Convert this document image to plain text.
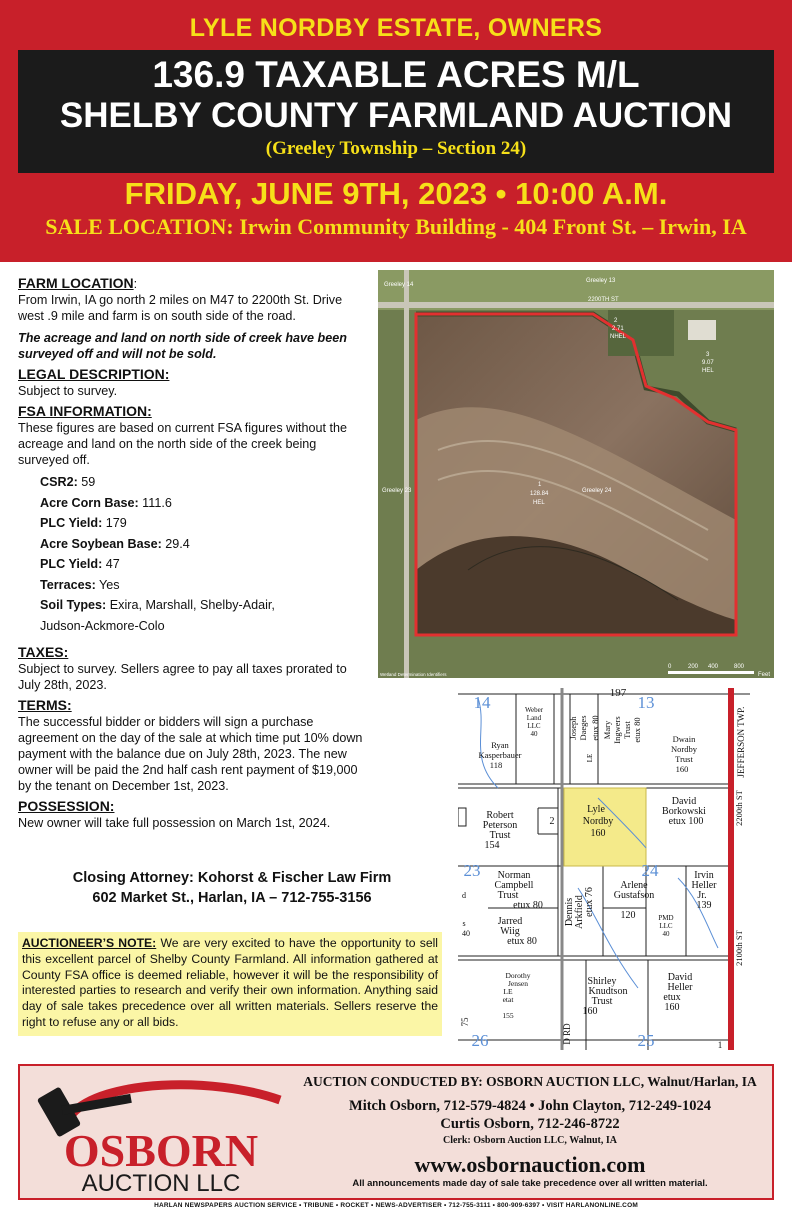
LYLE NORDBY ESTATE, OWNERS
136.9 TAXABLE ACRES M/L
SHELBY COUNTY FARMLAND AUCTION
(Greeley Township – Section 24)
FRIDAY, JUNE 9TH, 2023 • 10:00 A.M.
SALE LOCATION: Irwin Community Building - 404 Front St. – Irwin, IA
FARM LOCATION:

From Irwin, IA go north 2 miles on M47 to 2200th St. Drive west .9 mile and farm is on south side of the road.

The acreage and land on north side of creek have been surveyed off and will not be sold.

LEGAL DESCRIPTION:

Subject to survey.

FSA INFORMATION:

These figures are based on current FSA figures without the acreage and land on the north side of the creek being surveyed off.

CSR2: 59
Acre Corn Base: 111.6
PLC Yield: 179
Acre Soybean Base: 29.4
PLC Yield: 47
Terraces: Yes
Soil Types: Exira, Marshall, Shelby-Adair,
Judson-Ackmore-Colo
TAXES:

Subject to survey. Sellers agree to pay all taxes prorated to July 28th, 2023.

TERMS:

The successful bidder or bidders will sign a purchase agreement on the day of the sale at which time put 10% down payment with the balance due on July 28th, 2023. The new owner will be paid the 2nd half cash rent payment of $19,000 by the tenant on December 1st, 2023.

POSSESSION:

New owner will take full possession on March 1st, 2024.

Closing Attorney: Kohorst & Fischer Law Firm
602 Market St., Harlan, IA – 712-755-3156
AUCTIONEER’S NOTE: We are very excited to have the opportunity to sell this excellent parcel of Shelby County Farmland. All information gathered at County FSA office is deemed reliable, however it will be the responsibility of interested parties to research and verify their own information. Anything said day of sale takes precedence over all written materials. Sellers reserve the right to refuse any or all bids.
Greeley 14
Greeley 13
2200TH ST
2
2.71
NHEL
3
9.07
HEL
1
128.84
HEL
Greeley 24
Greeley 23
0	200 400	800
Feet
Wetland Determination Identifiers
197
14	13
Weber
Land
LLC
40
Ryan
Kasperbauer
118
Joseph Daeges
LE
etux 80 Mary Ingwers Trust etux 80	Dwain
Nordby
Trust
160
2200th ST
JEFFERSON TWP.
Robert
Peterson
Trust
154
2
Lyle
Nordby
160
David
Borkowski
etux 100
23	24
Norman
Campbell
Trust
etux 80 Dennis Arkfield etux 76
Arlene
Gustafson
120
Irvin
Heller
Jr.
139
PMD
LLC
40
Jarred
Wiig
etux 80	2100th ST
Dorothy
Jensen
LE
etat
155
Shirley
Knudtson
Trust
160
David
Heller
etux
160
26	25
75
D RD
d
40
1
s
OSBORN
AUCTION LLC
AUCTION CONDUCTED BY: OSBORN AUCTION LLC, Walnut/Harlan, IA
Mitch Osborn, 712-579-4824 • John Clayton, 712-249-1024
Curtis Osborn, 712-246-8722
Clerk: Osborn Auction LLC, Walnut, IA
www.osbornauction.com
All announcements made day of sale take precedence over all written material.
HARLAN NEWSPAPERS AUCTION SERVICE • TRIBUNE • ROCKET • NEWS-ADVERTISER • 712-755-3111 • 800-909-6397 • VISIT HARLANONLINE.COM
